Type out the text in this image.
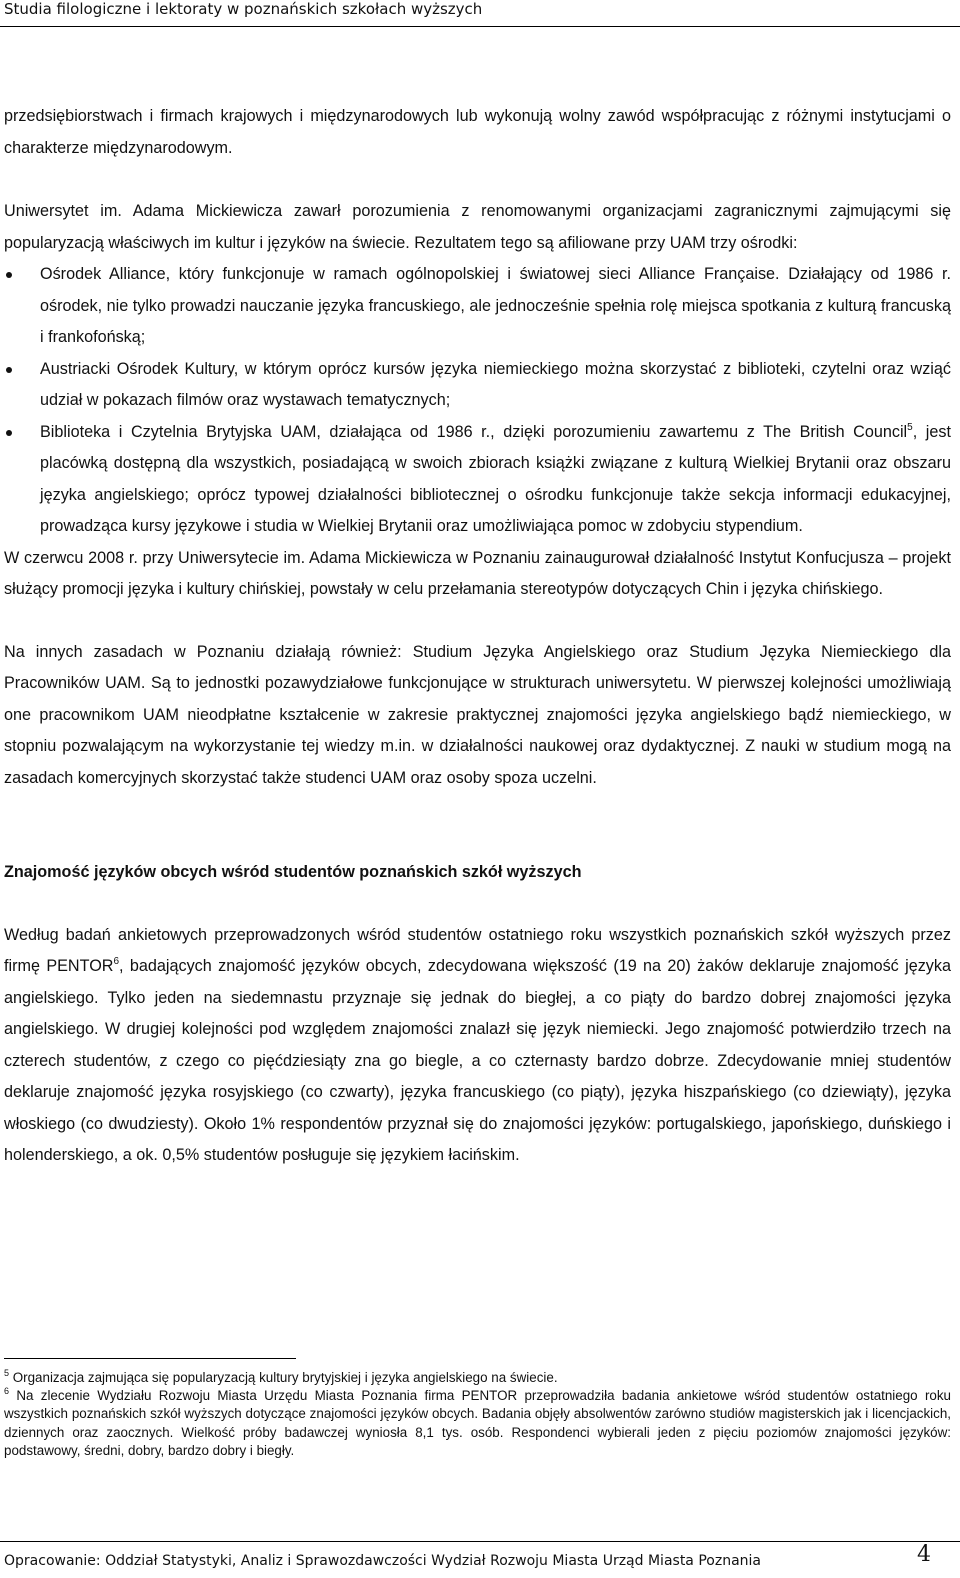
Studia filologiczne i lektoraty w poznańskich szkołach wyższych

przedsiębiorstwach i firmach krajowych i międzynarodowych lub wykonują wolny zawód współpracując z różnymi instytucjami o charakterze międzynarodowym.

Uniwersytet im. Adama Mickiewicza zawarł porozumienia z renomowanymi organizacjami zagranicznymi zajmującymi się popularyzacją właściwych im kultur i języków na świecie. Rezultatem tego są afiliowane przy UAM trzy ośrodki:

Ośrodek Alliance, który funkcjonuje w ramach ogólnopolskiej i światowej sieci Alliance Française. Działający od 1986 r. ośrodek, nie tylko prowadzi nauczanie języka francuskiego, ale jednocześnie spełnia rolę miejsca spotkania z kulturą francuską i frankofońską;
Austriacki Ośrodek Kultury, w którym oprócz kursów języka niemieckiego można skorzystać z biblioteki, czytelni oraz wziąć udział w pokazach filmów oraz wystawach tematycznych;
Biblioteka i Czytelnia Brytyjska UAM, działająca od 1986 r., dzięki porozumieniu zawartemu z The British Council$^5$, jest placówką dostępną dla wszystkich, posiadającą w swoich zbiorach książki związane z kulturą Wielkiej Brytanii oraz obszaru języka angielskiego; oprócz typowej działalności bibliotecznej o ośrodku funkcjonuje także sekcja informacji edukacyjnej, prowadząca kursy językowe i studia w Wielkiej Brytanii oraz umożliwiająca pomoc w zdobyciu stypendium.

W czerwcu 2008 r. przy Uniwersytecie im. Adama Mickiewicza w Poznaniu zainaugurował działalność Instytut Konfucjusza – projekt służący promocji języka i kultury chińskiej, powstały w celu przełamania stereotypów dotyczących Chin i języka chińskiego.

Na innych zasadach w Poznaniu działają również: Studium Języka Angielskiego oraz Studium Języka Niemieckiego dla Pracowników UAM. Są to jednostki pozawydziałowe funkcjonujące w strukturach uniwersytetu. W pierwszej kolejności umożliwiają one pracownikom UAM nieodpłatne kształcenie w zakresie praktycznej znajomości języka angielskiego bądź niemieckiego, w stopniu pozwalającym na wykorzystanie tej wiedzy m.in. w działalności naukowej oraz dydaktycznej. Z nauki w studium mogą na zasadach komercyjnych skorzystać także studenci UAM oraz osoby spoza uczelni.

Znajomość języków obcych wśród studentów poznańskich szkół wyższych

Według badań ankietowych przeprowadzonych wśród studentów ostatniego roku wszystkich poznańskich szkół wyższych przez firmę PENTOR$^6$, badających znajomość języków obcych, zdecydowana większość (19 na 20) żaków deklaruje znajomość języka angielskiego. Tylko jeden na siedemnastu przyznaje się jednak do biegłej, a co piąty do bardzo dobrej znajomości języka angielskiego. W drugiej kolejności pod względem znajomości znalazł się język niemiecki. Jego znajomość potwierdziło trzech na czterech studentów, z czego co pięćdziesiąty zna go biegle, a co czternasty bardzo dobrze. Zdecydowanie mniej studentów deklaruje znajomość języka rosyjskiego (co czwarty), języka francuskiego (co piąty), języka hiszpańskiego (co dziewiąty), języka włoskiego (co dwudziesty). Około 1% respondentów przyznał się do znajomości języków: portugalskiego, japońskiego, duńskiego i holenderskiego, a ok. 0,5% studentów posługuje się językiem łacińskim.

$^5$ Organizacja zajmująca się popularyzacją kultury brytyjskiej i języka angielskiego na świecie.

$^6$ Na zlecenie Wydziału Rozwoju Miasta Urzędu Miasta Poznania firma PENTOR przeprowadziła badania ankietowe wśród studentów ostatniego roku wszystkich poznańskich szkół wyższych dotyczące znajomości języków obcych. Badania objęły absolwentów zarówno studiów magisterskich jak i licencjackich, dziennych oraz zaocznych. Wielkość próby badawczej wyniosła 8,1 tys. osób. Respondenci wybierali jeden z pięciu poziomów znajomości języków: podstawowy, średni, dobry, bardzo dobry i biegły.

Opracowanie: Oddział Statystyki, Analiz i Sprawozdawczości Wydział Rozwoju Miasta Urząd Miasta Poznania	4
